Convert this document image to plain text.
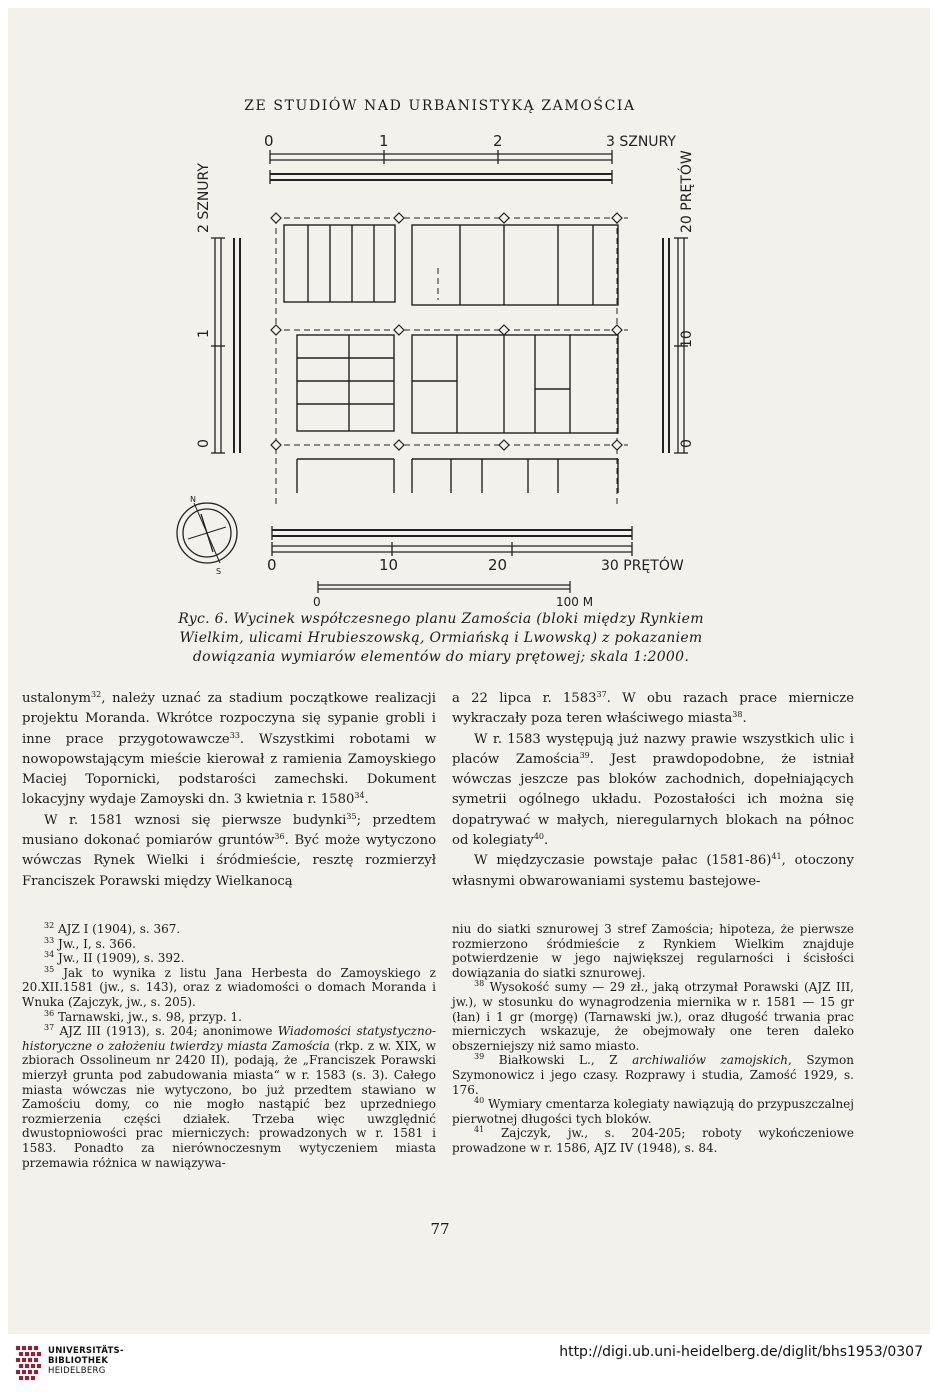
ZE STUDIÓW NAD URBANISTYKĄ ZAMOŚCIA
0	1	2	3 SZNURY
2 SZNURY
0
1
20 PRĘTÓW
0
10
N
S	0	10	20	30 PRĘTÓW
0	100 M
Ryc. 6. Wycinek współczesnego planu Zamościa (bloki między Rynkiem
Wielkim, ulicami Hrubieszowską, Ormiańską i Lwowską) z pokazaniem
dowiązania wymiarów elementów do miary prętowej; skala 1:2000.

ustalonym$^{32}$, należy uznać za stadium początkowe realizacji projektu Moranda. Wkrótce rozpoczyna się sypanie grobli i inne prace przygotowawcze$^{33}$. Wszystkimi robotami w nowopowstającym mieście kierował z ramienia Zamoyskiego Maciej Topornicki, podstarości zamechski. Dokument lokacyjny wydaje Zamoyski dn. 3 kwietnia r. 1580$^{34}$.

W r. 1581 wznosi się pierwsze budynki$^{35}$; przedtem musiano dokonać pomiarów gruntów$^{36}$. Być może wytyczono wówczas Rynek Wielki i śródmieście, resztę rozmierzył Franciszek Porawski między Wielkanocą

a 22 lipca r. 1583$^{37}$. W obu razach prace miernicze wykraczały poza teren właściwego miasta$^{38}$.

W r. 1583 występują już nazwy prawie wszystkich ulic i placów Zamościa$^{39}$. Jest prawdopodobne, że istniał wówczas jeszcze pas bloków zachodnich, dopełniających symetrii ogólnego układu. Pozostałości ich można się dopatrywać w małych, nieregularnych blokach na północ od kolegiaty$^{40}$.

W międzyczasie powstaje pałac (1581-86)$^{41}$, otoczony własnymi obwarowaniami systemu bastejowe-

$^{32}$ AJZ I (1904), s. 367.

$^{33}$ Jw., I, s. 366.

$^{34}$ Jw., II (1909), s. 392.

$^{35}$ Jak to wynika z listu Jana Herbesta do Zamoyskiego z 20.XII.1581 (jw., s. 143), oraz z wiadomości o domach Moranda i Wnuka (Zajczyk, jw., s. 205).

$^{36}$ Tarnawski, jw., s. 98, przyp. 1.

$^{37}$ AJZ III (1913), s. 204; anonimowe Wiadomości statystyczno-historyczne o założeniu twierdzy miasta Zamościa (rkp. z w. XIX, w zbiorach Ossolineum nr 2420 II), podają, że „Franciszek Porawski mierzył grunta pod zabudowania miasta“ w r. 1583 (s. 3). Całego miasta wówczas nie wytyczono, bo już przedtem stawiano w Zamościu domy, co nie mogło nastąpić bez uprzedniego rozmierzenia części działek. Trzeba więc uwzględnić dwustopniowości prac mierniczych: prowadzonych w r. 1581 i 1583. Ponadto za nierównoczesnym wytyczeniem miasta przemawia różnica w nawiązywa-

niu do siatki sznurowej 3 stref Zamościa; hipoteza, że pierwsze rozmierzono śródmieście z Rynkiem Wielkim znajduje potwierdzenie w jego największej regularności i ścisłości dowiązania do siatki sznurowej.

$^{38}$ Wysokość sumy — 29 zł., jaką otrzymał Porawski (AJZ III, jw.), w stosunku do wynagrodzenia miernika w r. 1581 — 15 gr (łan) i 1 gr (morgę) (Tarnawski jw.), oraz długość trwania prac mierniczych wskazuje, że obejmowały one teren daleko obszerniejszy niż samo miasto.

$^{39}$ Białkowski L., Z archiwaliów zamojskich, Szymon Szymonowicz i jego czasy. Rozprawy i studia, Zamość 1929, s. 176.

$^{40}$ Wymiary cmentarza kolegiaty nawiązują do przypuszczalnej pierwotnej długości tych bloków.

$^{41}$ Zajczyk, jw., s. 204-205; roboty wykończeniowe prowadzone w r. 1586, AJZ IV (1948), s. 84.

77
UNIVERSITÄTS-
BIBLIOTHEK
HEIDELBERG
http://digi.ub.uni-heidelberg.de/diglit/bhs1953/0307
